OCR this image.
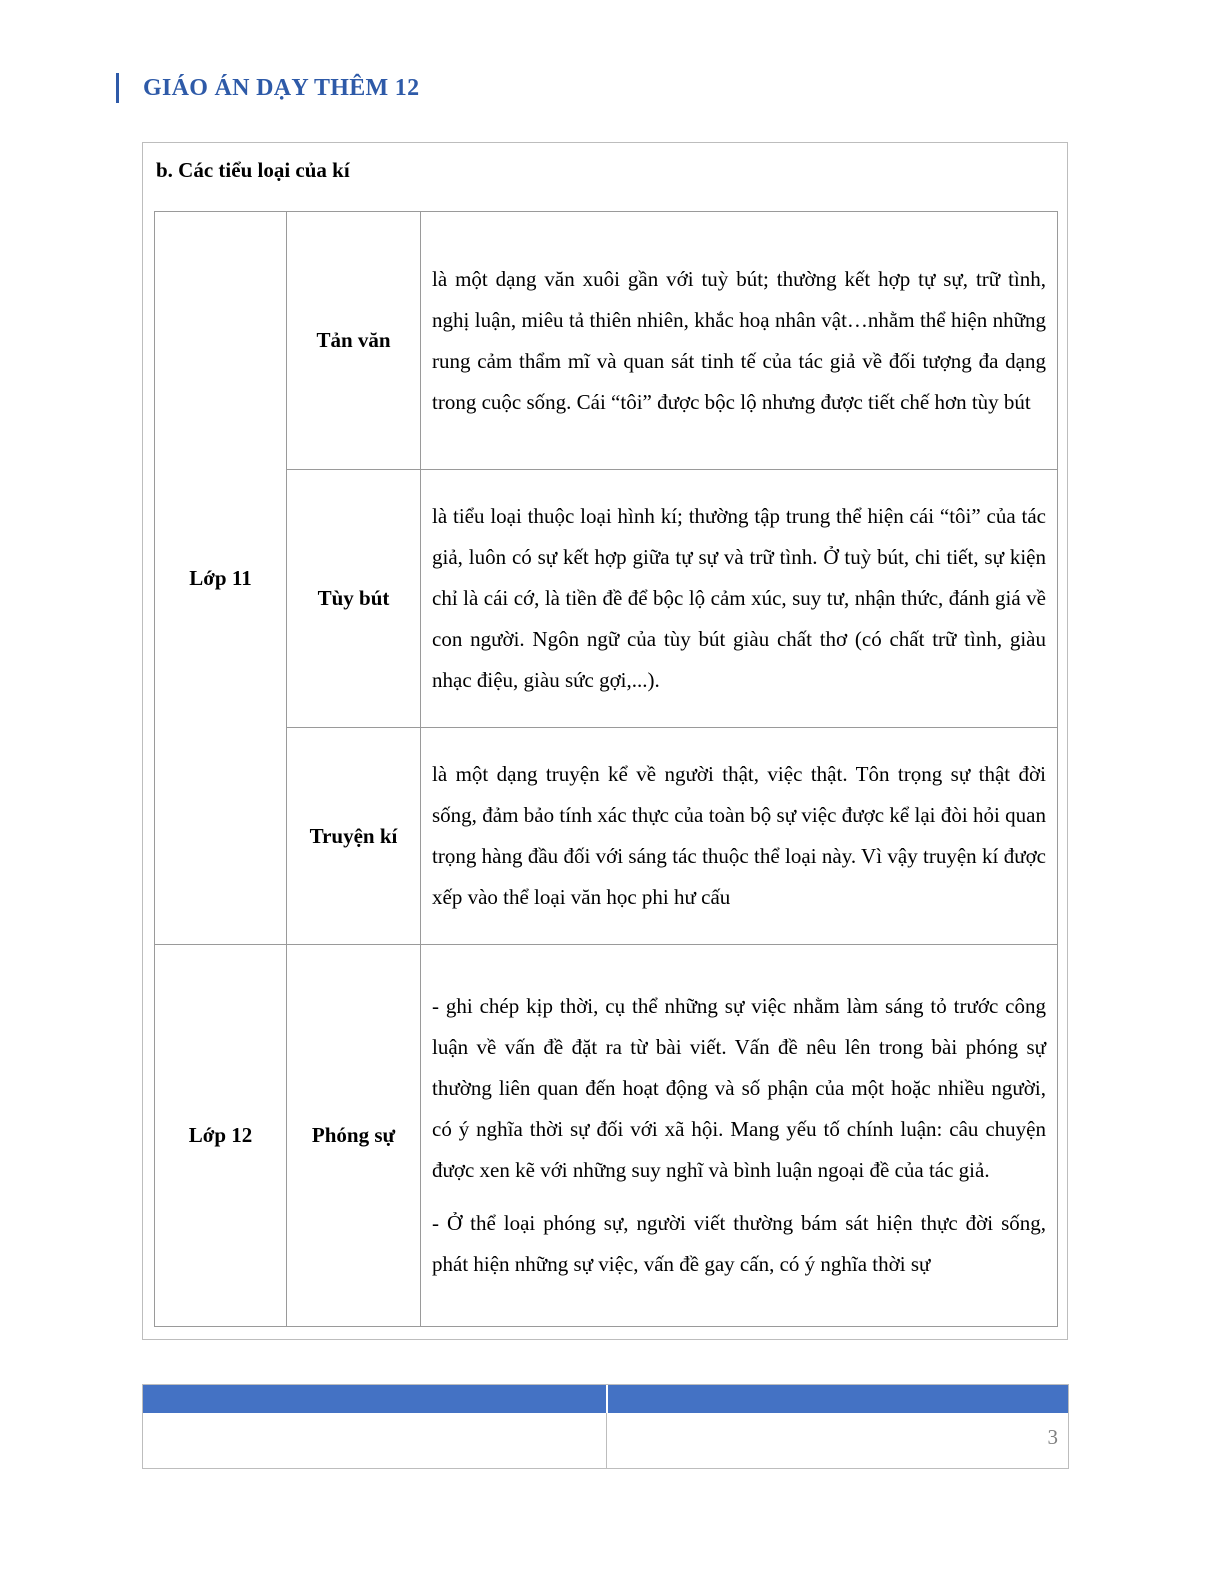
GIÁO ÁN DẠY THÊM 12
b. Các tiểu loại của kí
Lớp 11	Tản văn	là một dạng văn xuôi gần với tuỳ bút; thường kết hợp tự sự, trữ tình, nghị luận, miêu tả thiên nhiên, khắc hoạ nhân vật…nhằm thể hiện những rung cảm thẩm mĩ và quan sát tinh tế của tác giả về đối tượng đa dạng trong cuộc sống. Cái “tôi” được bộc lộ nhưng được tiết chế hơn tùy bút

	Tùy bút	là tiểu loại thuộc loại hình kí; thường tập trung thể hiện cái “tôi” của tác giả, luôn có sự kết hợp giữa tự sự và trữ tình. Ở tuỳ bút, chi tiết, sự kiện chỉ là cái cớ, là tiền đề để bộc lộ cảm xúc, suy tư, nhận thức, đánh giá về con người. Ngôn ngữ của tùy bút giàu chất thơ (có chất trữ tình, giàu nhạc điệu, giàu sức gợi,...).

	Truyện kí	là một dạng truyện kể về người thật, việc thật. Tôn trọng sự thật đời sống, đảm bảo tính xác thực của toàn bộ sự việc được kể lại đòi hỏi quan trọng hàng đầu đối với sáng tác thuộc thể loại này. Vì vậy truyện kí được xếp vào thể loại văn học phi hư cấu

Lớp 12	Phóng sự	- ghi chép kịp thời, cụ thể những sự việc nhằm làm sáng tỏ trước công luận về vấn đề đặt ra từ bài viết. Vấn đề nêu lên trong bài phóng sự thường liên quan đến hoạt động và số phận của một hoặc nhiều người, có ý nghĩa thời sự đối với xã hội. Mang yếu tố chính luận: câu chuyện được xen kẽ với những suy nghĩ và bình luận ngoại đề của tác giả.

- Ở thể loại phóng sự, người viết thường bám sát hiện thực đời sống, phát hiện những sự việc, vấn đề gay cấn, có ý nghĩa thời sự

3
